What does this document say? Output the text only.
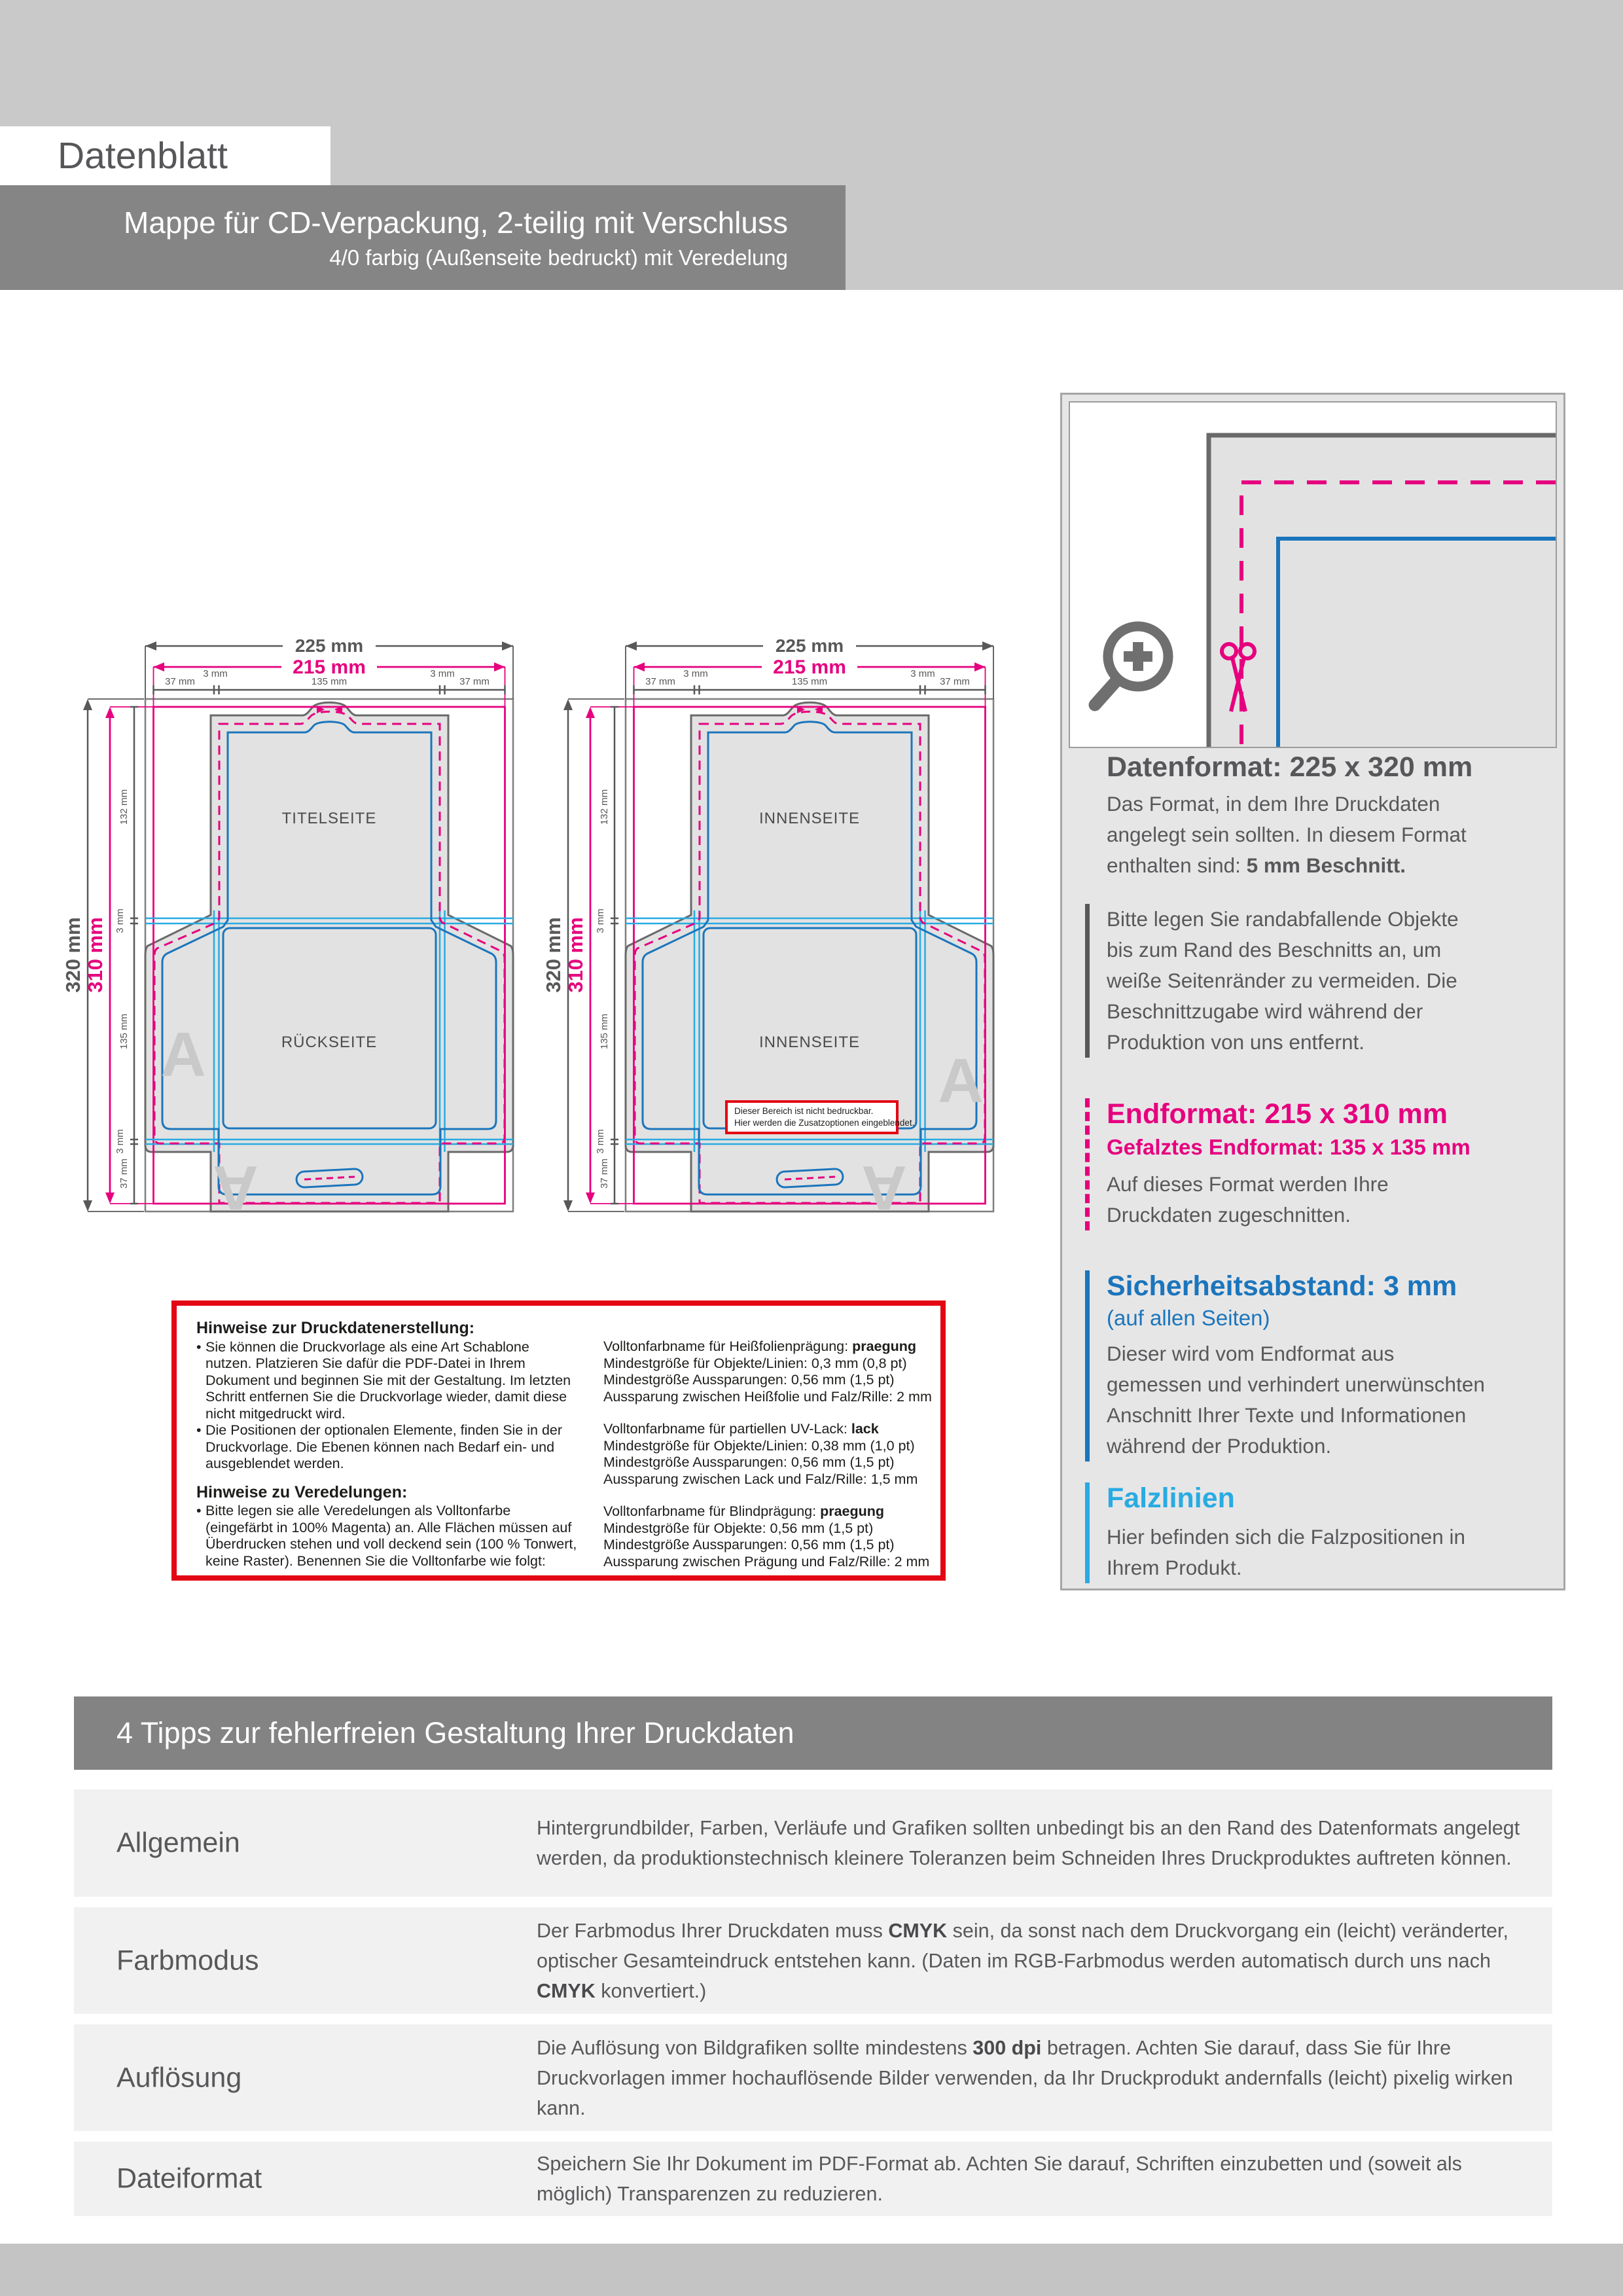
Datenblatt
Mappe für CD-Verpackung, 2-teilig mit Verschluss
4/0 farbig (Außenseite bedruckt) mit Veredelung
225 mm
215 mm
37 mm
3 mm
135 mm
3 mm
37 mm
320 mm 310 mm
132 mm
3 mm
135 mm
3 mm
37 mm
TITELSEITE
RÜCKSEITE
A
A
225 mm
215 mm
37 mm
3 mm
135 mm
3 mm
37 mm
320 mm 310 mm
132 mm
3 mm
135 mm
3 mm
37 mm
INNENSEITE
INNENSEITE
A
A
Dieser Bereich ist nicht bedruckbar.
Hier werden die Zusatzoptionen eingeblendet.
Datenformat: 225 x 320 mm
Das Format, in dem Ihre Druckdaten angelegt sein sollten. In diesem Format enthalten sind: 5 mm Beschnitt.
Bitte legen Sie randabfallende Objekte bis zum Rand des Beschnitts an, um weiße Seitenränder zu vermeiden. Die Beschnittzugabe wird während der Produktion von uns entfernt.
Endformat: 215 x 310 mm
Gefalztes Endformat: 135 x 135 mm
Auf dieses Format werden Ihre Druckdaten zugeschnitten.
Sicherheitsabstand: 3 mm
(auf allen Seiten)
Dieser wird vom Endformat aus gemessen und verhindert unerwünschten Anschnitt Ihrer Texte und Informationen während der Produktion.
Falzlinien
Hier befinden sich die Falzpositionen in Ihrem Produkt.
Hinweise zur Druckdatenerstellung:
• Sie können die Druckvorlage als eine Art Schablone nutzen. Platzieren Sie dafür die PDF-Datei in Ihrem Dokument und beginnen Sie mit der Gestaltung. Im letzten Schritt entfernen Sie die Druckvorlage wieder, damit diese nicht mitgedruckt wird.
• Die Positionen der optionalen Elemente, finden Sie in der Druckvorlage. Die Ebenen können nach Bedarf ein- und ausgeblendet werden.
Hinweise zu Veredelungen:
• Bitte legen sie alle Veredelungen als Volltonfarbe (eingefärbt in 100% Magenta) an. Alle Flächen müssen auf Überdrucken stehen und voll deckend sein (100 % Tonwert, keine Raster). Benennen Sie die Volltonfarbe wie folgt:
Volltonfarbname für Heißfolienprägung: praegung
Mindestgröße für Objekte/Linien: 0,3 mm (0,8 pt)
Mindestgröße Aussparungen: 0,56 mm (1,5 pt)
Aussparung zwischen Heißfolie und Falz/Rille: 2 mm
Volltonfarbname für partiellen UV-Lack: lack
Mindestgröße für Objekte/Linien: 0,38 mm (1,0 pt)
Mindestgröße Aussparungen: 0,56 mm (1,5 pt)
Aussparung zwischen Lack und Falz/Rille: 1,5 mm
Volltonfarbname für Blindprägung: praegung
Mindestgröße für Objekte: 0,56 mm (1,5 pt)
Mindestgröße Aussparungen: 0,56 mm (1,5 pt)
Aussparung zwischen Prägung und Falz/Rille: 2 mm
4 Tipps zur fehlerfreien Gestaltung Ihrer Druckdaten
Allgemein	Hintergrundbilder, Farben, Verläufe und Grafiken sollten unbedingt bis an den Rand des Datenformats angelegt werden, da produktionstechnisch kleinere Toleranzen beim Schneiden Ihres Druckproduktes auftreten können.
Farbmodus
Der Farbmodus Ihrer Druckdaten muss CMYK sein, da sonst nach dem Druckvorgang ein (leicht) veränderter, optischer Gesamteindruck entstehen kann. (Daten im RGB-Farbmodus werden automatisch durch uns nach CMYK konvertiert.)
Auflösung
Die Auflösung von Bildgrafiken sollte mindestens 300 dpi betragen. Achten Sie darauf, dass Sie für Ihre Druckvorlagen immer hochauflösende Bilder verwenden, da Ihr Druckprodukt andernfalls (leicht) pixelig wirken kann.
Dateiformat	Speichern Sie Ihr Dokument im PDF-Format ab. Achten Sie darauf, Schriften einzubetten und (soweit als möglich) Transparenzen zu reduzieren.
